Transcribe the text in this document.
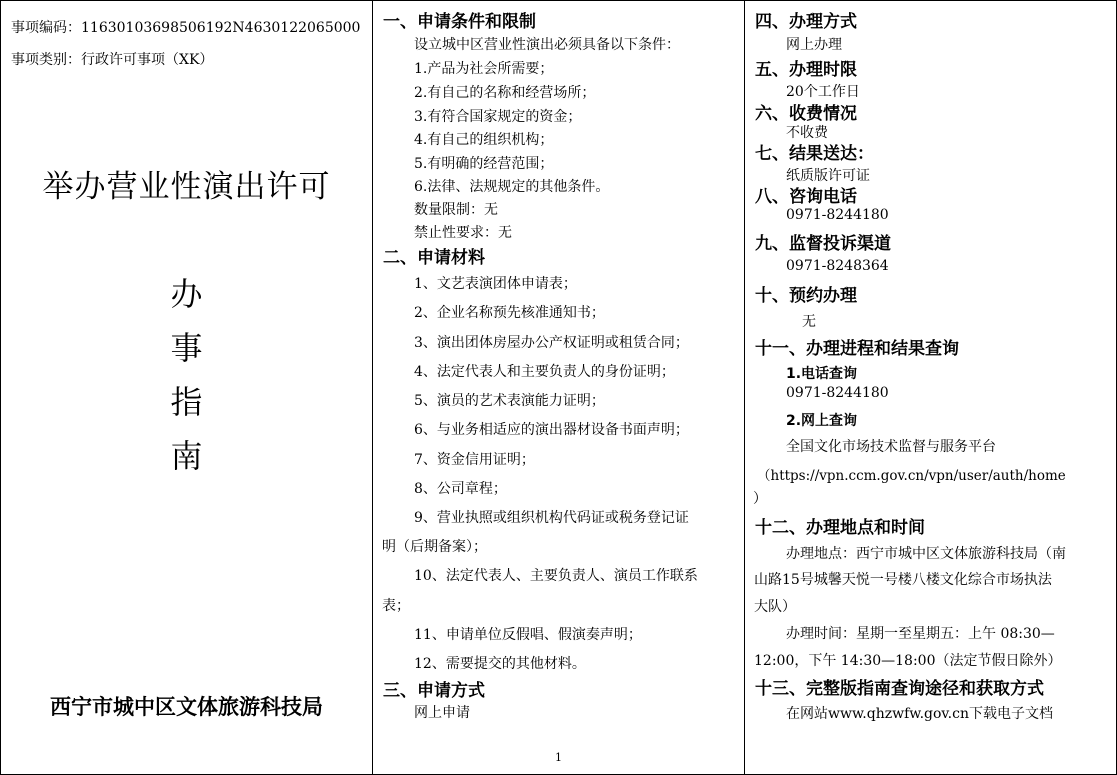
事项编码：11630103698506192N4630122065000
事项类别：行政许可事项（XK）
举办营业性演出许可
办
事
指
南
西宁市城中区文体旅游科技局
一、申请条件和限制
设立城中区营业性演出必须具备以下条件：
1.产品为社会所需要；
2.有自己的名称和经营场所；
3.有符合国家规定的资金；
4.有自己的组织机构；
5.有明确的经营范围；
6.法律、法规规定的其他条件。
数量限制：无
禁止性要求：无
二、申请材料
1、文艺表演团体申请表；
2、企业名称预先核准通知书；
3、演出团体房屋办公产权证明或租赁合同；
4、法定代表人和主要负责人的身份证明；
5、演员的艺术表演能力证明；
6、与业务相适应的演出器材设备书面声明；
7、资金信用证明；
8、公司章程；
9、营业执照或组织机构代码证或税务登记证
明（后期备案）；
10、法定代表人、主要负责人、演员工作联系
表；
11、申请单位反假唱、假演奏声明；
12、需要提交的其他材料。
三、申请方式
网上申请
1
四、办理方式
网上办理
五、办理时限
20个工作日
六、收费情况
不收费
七、结果送达：
纸质版许可证
八、咨询电话
0971-8244180
九、监督投诉渠道
0971-8248364
十、预约办理
无
十一、办理进程和结果查询
1.电话查询
0971-8244180
2.网上查询
全国文化市场技术监督与服务平台
（https://vpn.ccm.gov.cn/vpn/user/auth/home
）
十二、办理地点和时间
办理地点：西宁市城中区文体旅游科技局（南
山路15号城馨天悦一号楼八楼文化综合市场执法
大队）
办理时间：星期一至星期五：上午 08:30—
12:00，下午 14:30—18:00（法定节假日除外）
十三、完整版指南查询途径和获取方式
在网站www.qhzwfw.gov.cn下载电子文档
